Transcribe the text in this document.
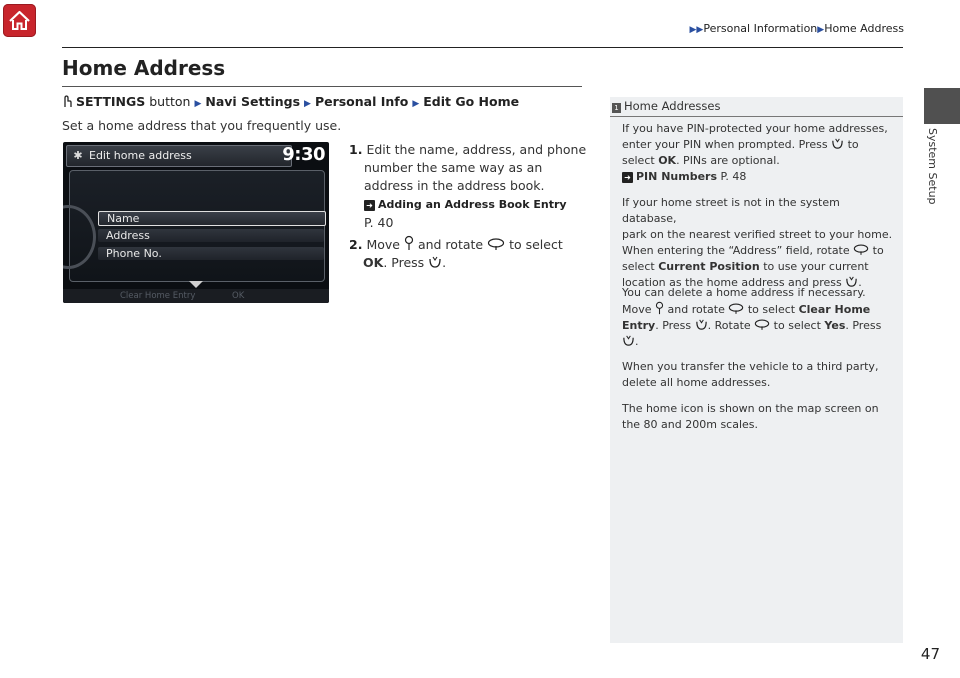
▶▶Personal Information▶Home Address
System Setup
47
Home Address
SETTINGS button ▶ Navi Settings ▶ Personal Info ▶ Edit Go Home
Set a home address that you frequently use.
✱ Edit home address	9:30
Name
Address
Phone No.
Clear Home Entry	OK
1. Edit the name, address, and phone
number the same way as an
address in the address book.
➜ Adding an Address Book Entry
P. 40
2. Move and rotate to select
OK. Press .
1 Home Addresses
If you have PIN-protected your home addresses,
enter your PIN when prompted. Press to
select OK. PINs are optional.
➜ PIN Numbers P. 48
If your home street is not in the system database,
park on the nearest verified street to your home.
When entering the “Address” field, rotate to
select Current Position to use your current
location as the home address and press .
You can delete a home address if necessary.
Move and rotate to select Clear Home
Entry. Press . Rotate to select Yes. Press
.
When you transfer the vehicle to a third party,
delete all home addresses.
The home icon is shown on the map screen on
the 80 and 200m scales.
